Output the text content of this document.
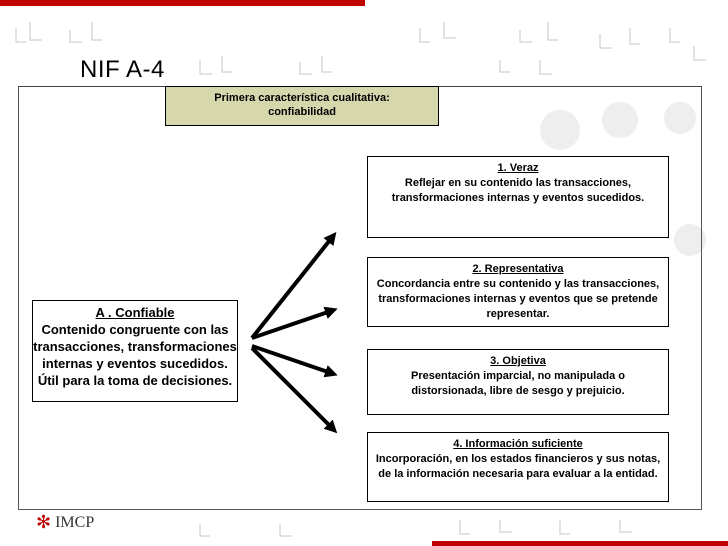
NIF A-4
Primera característica cualitativa:
confiabilidad
A . Confiable
Contenido congruente con las transacciones, transformaciones internas y eventos sucedidos. Útil para la toma de decisiones.
1. Veraz
Reflejar en su contenido las transacciones, transformaciones internas y eventos sucedidos.
2. Representativa
Concordancia entre su contenido y las transacciones, transformaciones internas y eventos que se pretende representar.
3. Objetiva
Presentación imparcial, no manipulada o distorsionada, libre de sesgo y prejuicio.
4. Información suficiente
Incorporación, en los estados financieros y sus notas, de la información necesaria para evaluar a la entidad.
✻ IMCP
